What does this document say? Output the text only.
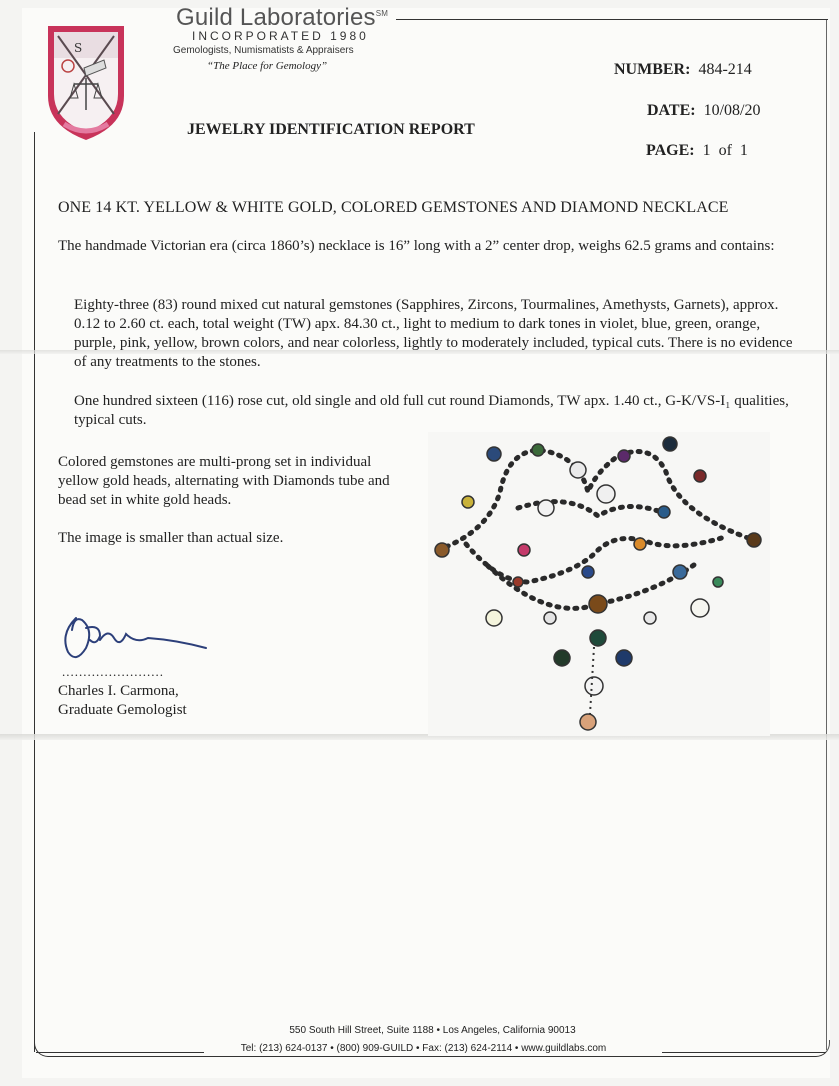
S
Guild Laboratories℠
INCORPORATED 1980
Gemologists, Numismatists & Appraisers
“The Place for Gemology”	NUMBER: 484-214
DATE: 10/08/20
PAGE: 1  of  1
JEWELRY IDENTIFICATION REPORT
ONE 14 KT. YELLOW & WHITE GOLD, COLORED GEMSTONES AND DIAMOND NECKLACE
The handmade Victorian era (circa 1860’s) necklace is 16” long with a 2” center drop, weighs 62.5 grams and contains:
Eighty-three (83) round mixed cut natural gemstones (Sapphires, Zircons, Tourmalines, Amethysts, Garnets), approx. 0.12 to 2.60 ct. each, total weight (TW) apx. 84.30 ct., light to medium to dark tones in violet, blue, green, orange, purple, pink, yellow, brown colors, and near colorless, lightly to moderately included, typical cuts. There is no evidence of any treatments to the stones.
One hundred sixteen (116) rose cut, old single and old full cut round Diamonds, TW apx. 1.40 ct., G-K/VS-I₁ qualities, typical cuts.
Colored gemstones are multi-prong set in individual yellow gold heads, alternating with Diamonds tube and bead set in white gold heads.
The image is smaller than actual size.
........................
Charles I. Carmona,
Graduate Gemologist
550 South Hill Street, Suite 1188 • Los Angeles, California 90013
Tel: (213) 624-0137 • (800) 909-GUILD • Fax: (213) 624-2114 • www.guildlabs.com
